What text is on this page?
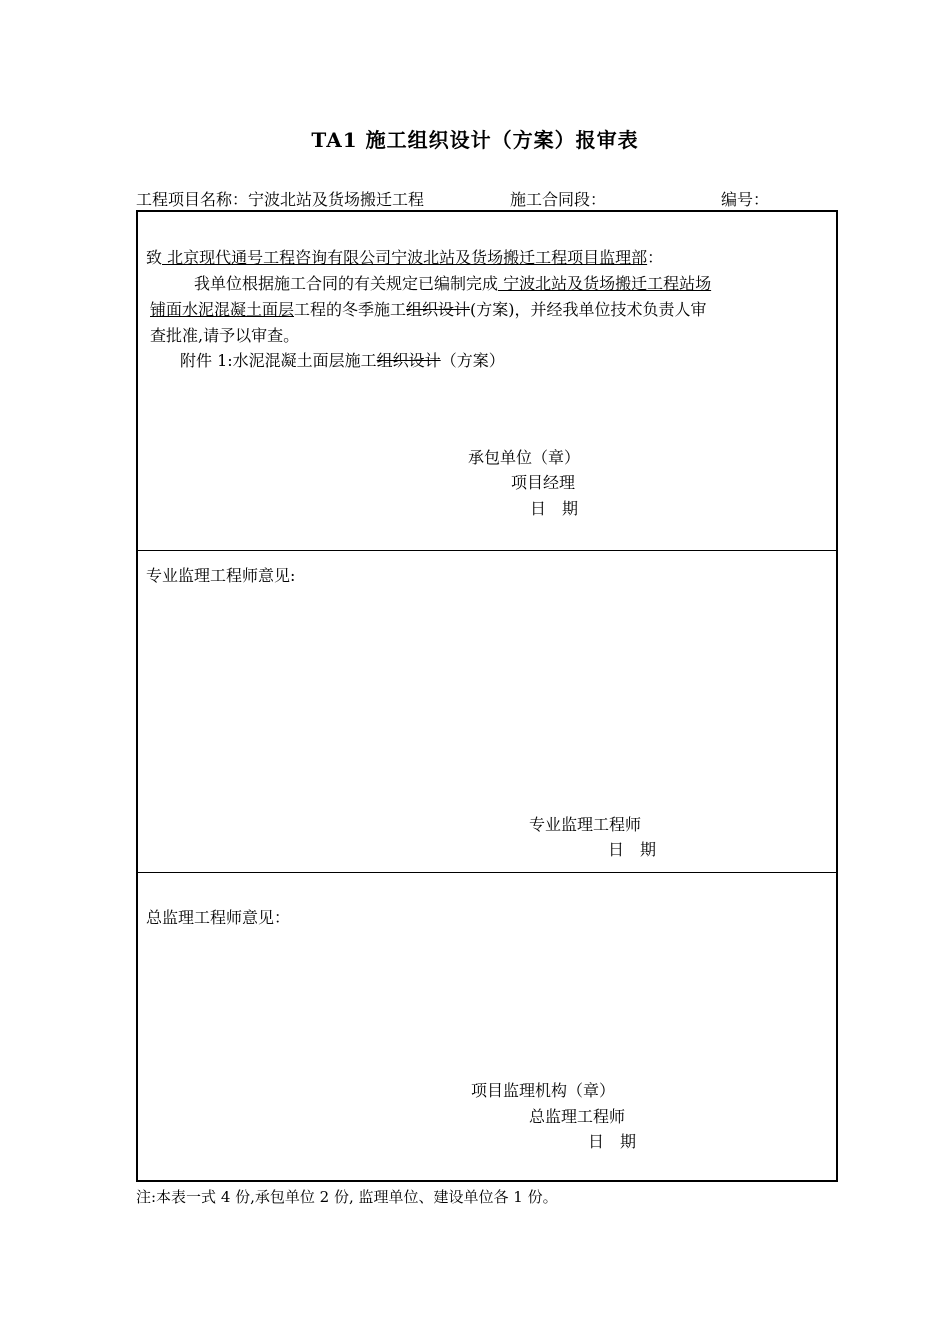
TA1 施工组织设计（方案）报审表
工程项目名称：宁波北站及货场搬迁工程	施工合同段：	编号：
致 北京现代通号工程咨询有限公司宁波北站及货场搬迁工程项目监理部：
我单位根据施工合同的有关规定已编制完成 宁波北站及货场搬迁工程站场
铺面水泥混凝土面层工程的冬季施工组织设计(方案)，并经我单位技术负责人审
查批准,请予以审查。
附件 1:水泥混凝土面层施工组织设计（方案）
承包单位（章）
项目经理
日　期
专业监理工程师意见:
专业监理工程师
日　期
总监理工程师意见：
项目监理机构（章）
总监理工程师
日　期
注:本表一式 4 份,承包单位 2 份, 监理单位、建设单位各 1 份。
